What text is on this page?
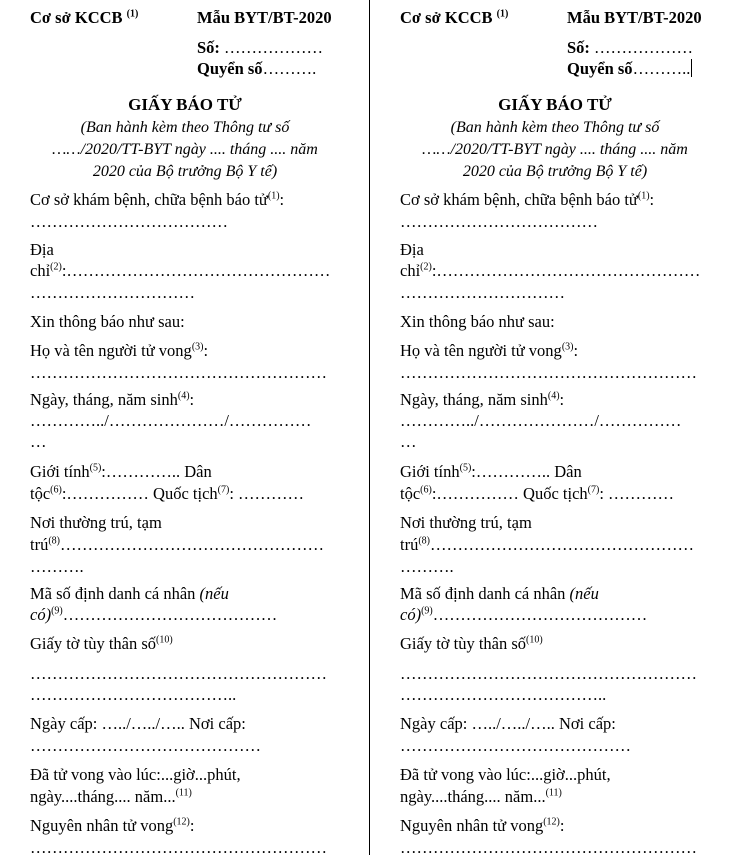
Cơ sở KCCB $^{(1)}$	Mẫu BYT/BT-2020
Số: ………………
Quyển số……….
GIẤY BÁO TỬ
(Ban hành kèm theo Thông tư số
……/2020/TT-BYT ngày .... tháng .... năm
2020 của Bộ trưởng Bộ Y tế)
Cơ sở khám bệnh, chữa bệnh báo tử$^{(1)}$:
………………………………
Địa
chỉ$^{(2)}$:…………………………………………
…………………………
Xin thông báo như sau:
Họ và tên người tử vong$^{(3)}$:
………………………………………………
Ngày, tháng, năm $\sinh^{(4)}$:
…………../…………………/……………
…
Giới tính$^{(5)}$:………….. Dân
tộc$^{(6)}$:…………… Quốc tịch$^{(7)}$: …………
Nơi thường trú, tạm
trú$^{(8)}$…………………………………………
……….
Mã số định danh cá nhân (nếu
có)$^{(9)}$…………………………………
Giấy tờ tùy thân số$^{(10)}$
………………………………………………
………………………………..
Ngày cấp: …../…../….. Nơi cấp:
……………………………………
Đã tử vong vào lúc:...giờ...phút,
ngày....tháng.... năm...$^{(11)}$
Nguyên nhân tử vong$^{(12)}$:
………………………………………………
Cơ sở KCCB $^{(1)}$	Mẫu BYT/BT-2020
Số: ………………
Quyển số………..
GIẤY BÁO TỬ
(Ban hành kèm theo Thông tư số
……/2020/TT-BYT ngày .... tháng .... năm
2020 của Bộ trưởng Bộ Y tế)
Cơ sở khám bệnh, chữa bệnh báo tử$^{(1)}$:
………………………………
Địa
chỉ$^{(2)}$:…………………………………………
…………………………
Xin thông báo như sau:
Họ và tên người tử vong$^{(3)}$:
………………………………………………
Ngày, tháng, năm $\sinh^{(4)}$:
…………../…………………/……………
…
Giới tính$^{(5)}$:………….. Dân
tộc$^{(6)}$:…………… Quốc tịch$^{(7)}$: …………
Nơi thường trú, tạm
trú$^{(8)}$…………………………………………
……….
Mã số định danh cá nhân (nếu
có)$^{(9)}$…………………………………
Giấy tờ tùy thân số$^{(10)}$
………………………………………………
………………………………..
Ngày cấp: …../…../….. Nơi cấp:
……………………………………
Đã tử vong vào lúc:...giờ...phút,
ngày....tháng.... năm...$^{(11)}$
Nguyên nhân tử vong$^{(12)}$:
………………………………………………
